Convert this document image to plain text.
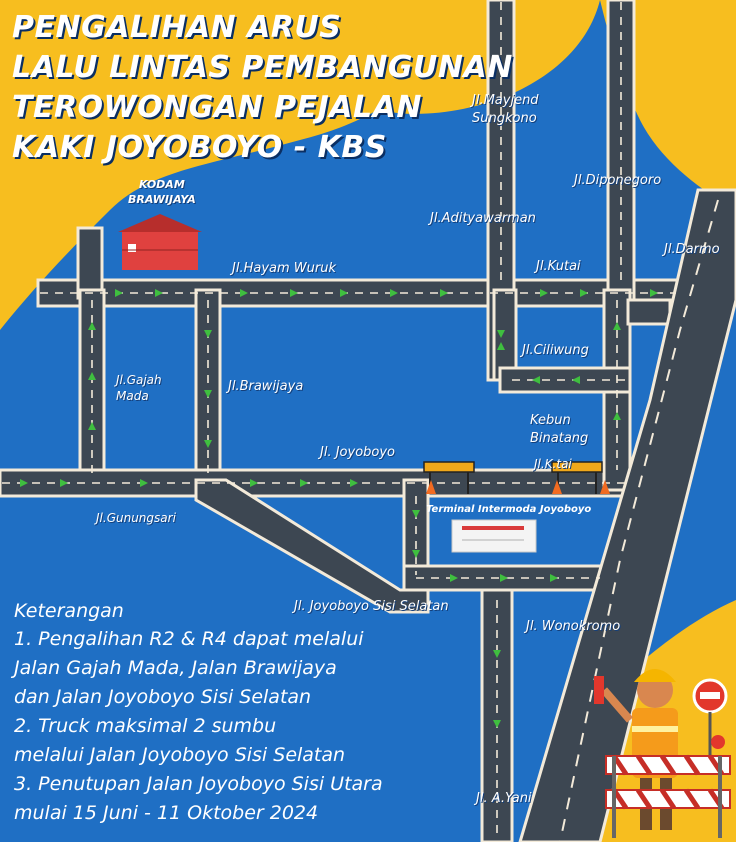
PENGALIHAN ARUS
LALU LINTAS PEMBANGUNAN
TEROWONGAN PEJALAN
KAKI JOYOBOYO - KBS
KODAM
BRAWIJAYA
Jl.Hayam Wuruk
Jl.Mayjend
Sungkono
Jl.Diponegoro
Jl.Adityawarman
Jl.Darmo
Jl.Kutai
Jl.Ciliwung
Jl.Gajah
Mada
Jl.Brawijaya
Kebun
Binatang
Jl.K.tai
Jl. Joyoboyo
Jl.Gunungsari
Terminal Intermoda Joyoboyo
Jl. Joyoboyo Sisi Selatan
Jl. Wonokromo
Jl. A.Yani
Keterangan
1. Pengalihan R2 & R4 dapat melalui
Jalan Gajah Mada, Jalan Brawijaya
dan Jalan Joyoboyo Sisi Selatan
2. Truck maksimal 2 sumbu
melalui Jalan Joyoboyo Sisi Selatan
3. Penutupan Jalan Joyoboyo Sisi Utara
mulai 15 Juni - 11 Oktober 2024
